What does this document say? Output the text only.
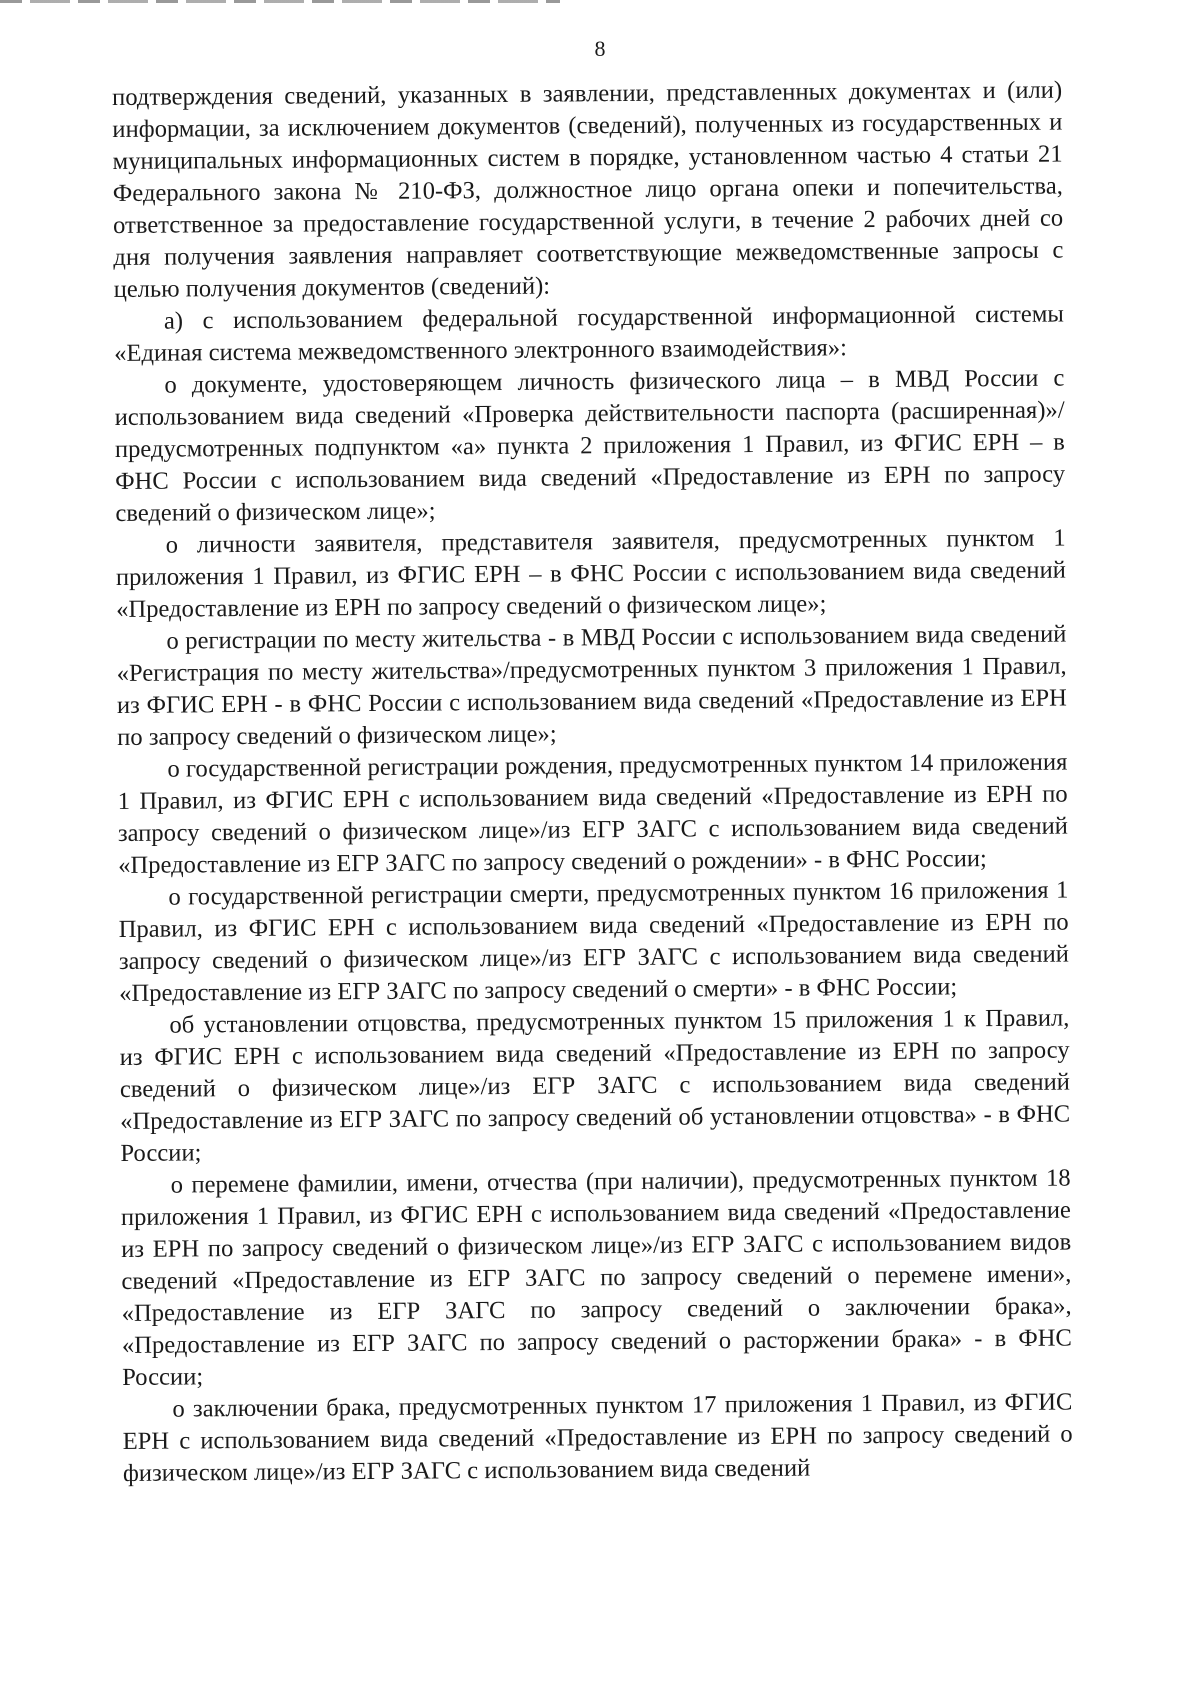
8

подтверждения сведений, указанных в заявлении, представленных документах и (или) информации, за исключением документов (сведений), полученных из государственных и муниципальных информационных систем в порядке, установленном частью 4 статьи 21 Федерального закона № 210-ФЗ, должностное лицо органа опеки и попечительства, ответственное за предоставление государственной услуги, в течение 2 рабочих дней со дня получения заявления направляет соответствующие межведомственные запросы с целью получения документов (сведений):

а) с использованием федеральной государственной информационной системы «Единая система межведомственного электронного взаимодействия»:

о документе, удостоверяющем личность физического лица – в МВД России с использованием вида сведений «Проверка действительности паспорта (расширенная)»/предусмотренных подпунктом «а» пункта 2 приложения 1 Правил, из ФГИС ЕРН – в ФНС России с использованием вида сведений «Предоставление из ЕРН по запросу сведений о физическом лице»;

о личности заявителя, представителя заявителя, предусмотренных пунктом 1 приложения 1 Правил, из ФГИС ЕРН – в ФНС России с использованием вида сведений «Предоставление из ЕРН по запросу сведений о физическом лице»;

о регистрации по месту жительства - в МВД России с использованием вида сведений «Регистрация по месту жительства»/предусмотренных пунктом 3 приложения 1 Правил, из ФГИС ЕРН - в ФНС России с использованием вида сведений «Предоставление из ЕРН по запросу сведений о физическом лице»;

о государственной регистрации рождения, предусмотренных пунктом 14 приложения 1 Правил, из ФГИС ЕРН с использованием вида сведений «Предоставление из ЕРН по запросу сведений о физическом лице»/из ЕГР ЗАГС с использованием вида сведений «Предоставление из ЕГР ЗАГС по запросу сведений о рождении» - в ФНС России;

о государственной регистрации смерти, предусмотренных пунктом 16 приложения 1 Правил, из ФГИС ЕРН с использованием вида сведений «Предоставление из ЕРН по запросу сведений о физическом лице»/из ЕГР ЗАГС с использованием вида сведений «Предоставление из ЕГР ЗАГС по запросу сведений о смерти» - в ФНС России;

об установлении отцовства, предусмотренных пунктом 15 приложения 1 к Правил, из ФГИС ЕРН с использованием вида сведений «Предоставление из ЕРН по запросу сведений о физическом лице»/из ЕГР ЗАГС с использованием вида сведений «Предоставление из ЕГР ЗАГС по запросу сведений об установлении отцовства» - в ФНС России;

о перемене фамилии, имени, отчества (при наличии), предусмотренных пунктом 18 приложения 1 Правил, из ФГИС ЕРН с использованием вида сведений «Предоставление из ЕРН по запросу сведений о физическом лице»/из ЕГР ЗАГС с использованием видов сведений «Предоставление из ЕГР ЗАГС по запросу сведений о перемене имени», «Предоставление из ЕГР ЗАГС по запросу сведений о заключении брака», «Предоставление из ЕГР ЗАГС по запросу сведений о расторжении брака» - в ФНС России;

о заключении брака, предусмотренных пунктом 17 приложения 1 Правил, из ФГИС ЕРН с использованием вида сведений «Предоставление из ЕРН по запросу сведений о физическом лице»/из ЕГР ЗАГС с использованием вида сведений
